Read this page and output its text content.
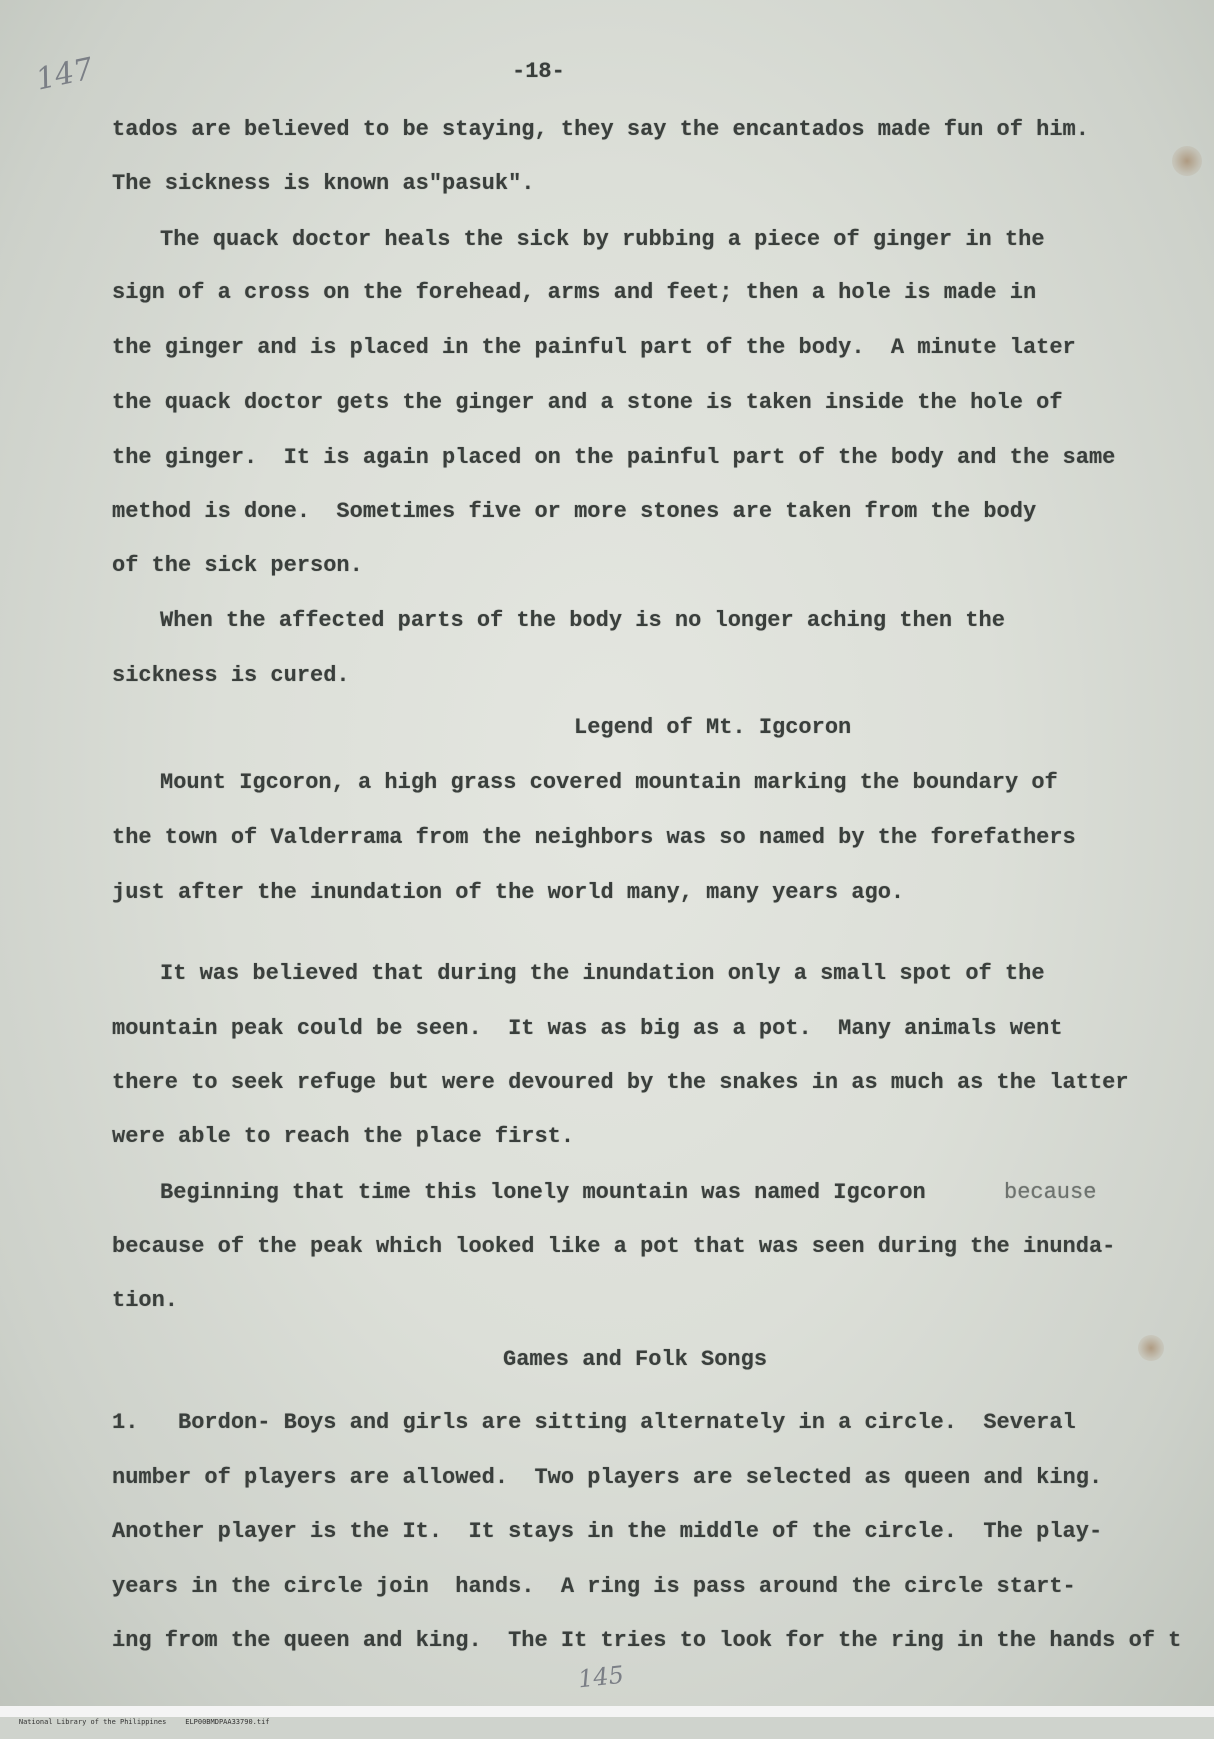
147	-18-
tados are believed to be staying, they say the encantados made fun of him.
The sickness is known as"pasuk".
The quack doctor heals the sick by rubbing a piece of ginger in the
sign of a cross on the forehead, arms and feet; then a hole is made in
the ginger and is placed in the painful part of the body.  A minute later
the quack doctor gets the ginger and a stone is taken inside the hole of
the ginger.  It is again placed on the painful part of the body and the same
method is done.  Sometimes five or more stones are taken from the body
of the sick person.
When the affected parts of the body is no longer aching then the
sickness is cured.
Legend of Mt. Igcoron
Mount Igcoron, a high grass covered mountain marking the boundary of
the town of Valderrama from the neighbors was so named by the forefathers
just after the inundation of the world many, many years ago.
It was believed that during the inundation only a small spot of the
mountain peak could be seen.  It was as big as a pot.  Many animals went
there to seek refuge but were devoured by the snakes in as much as the latter
were able to reach the place first.
Beginning that time this lonely mountain was named Igcoron	because
because of the peak which looked like a pot that was seen during the inunda-
tion.
Games and Folk Songs
1.   Bordon- Boys and girls are sitting alternately in a circle.  Several
number of players are allowed.  Two players are selected as queen and king.
Another player is the It.  It stays in the middle of the circle.  The play-
years in the circle join  hands.  A ring is pass around the circle start-
ing from the queen and king.  The It tries to look for the ring in the hands of t
145

National Library of the Philippines	ELP00BMDPAA33790.tif
